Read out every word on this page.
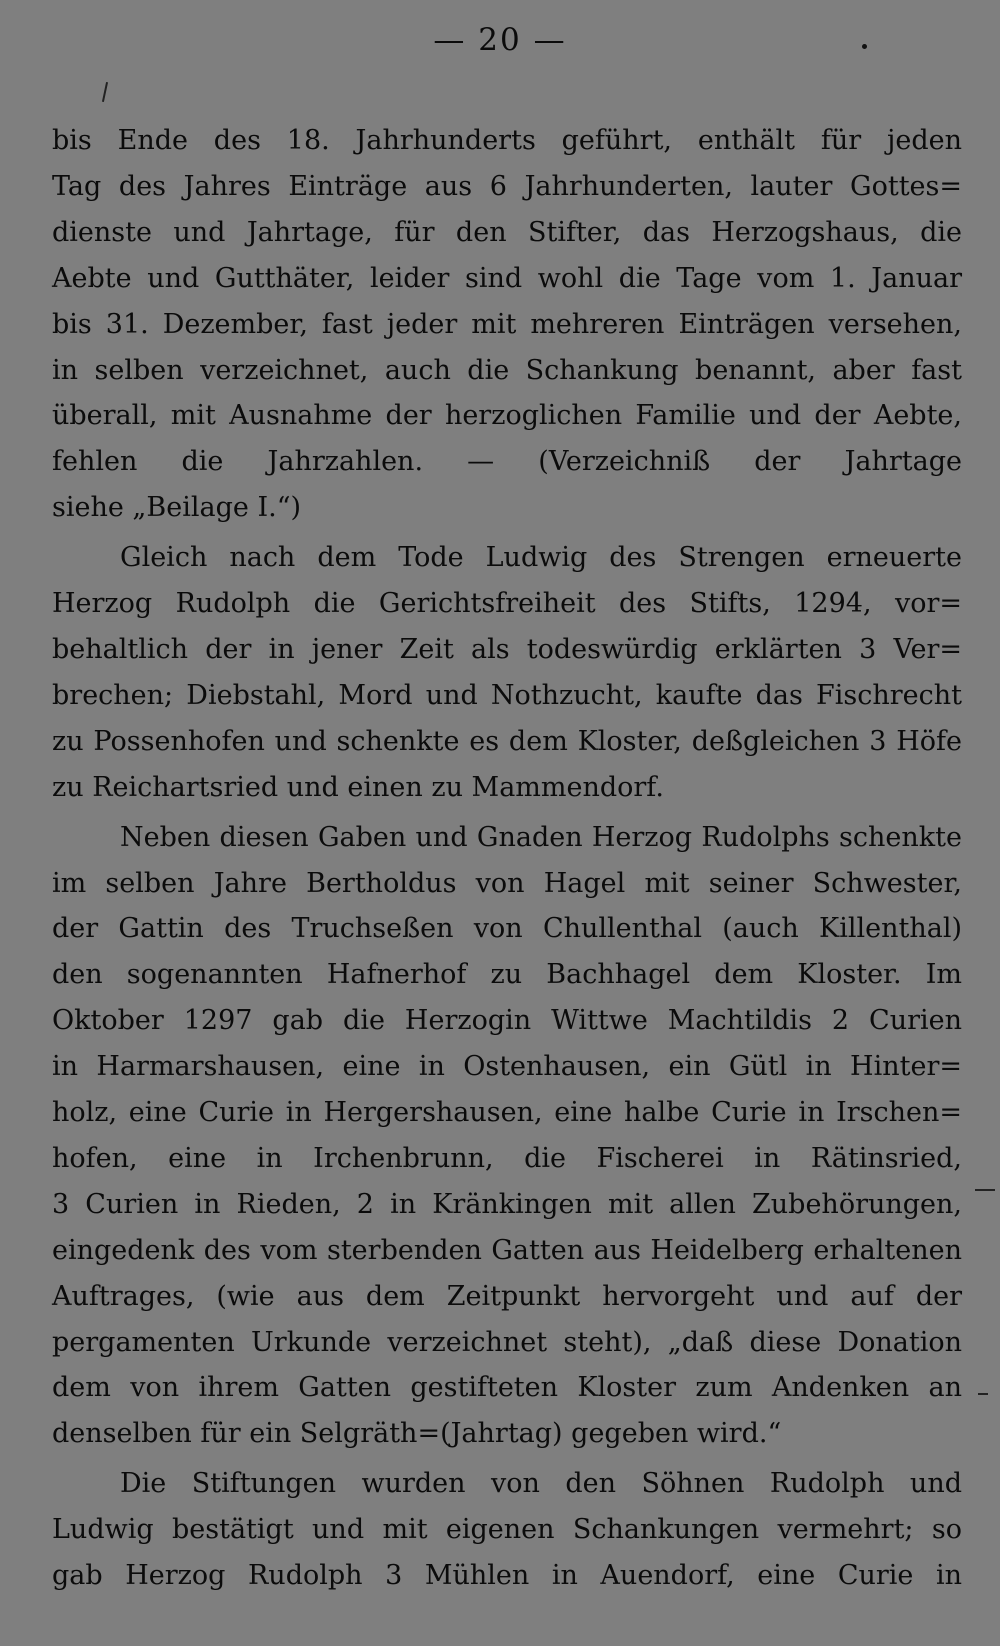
— 20 —

bis Ende des 18. Jahrhunderts geführt, enthält für jeden
Tag des Jahres Einträge aus 6 Jahrhunderten, lauter Gottes=
dienste und Jahrtage, für den Stifter, das Herzogshaus, die
Aebte und Gutthäter, leider sind wohl die Tage vom 1. Januar
bis 31. Dezember, fast jeder mit mehreren Einträgen versehen,
in selben verzeichnet, auch die Schankung benannt, aber fast
überall, mit Ausnahme der herzoglichen Familie und der Aebte,
fehlen die Jahrzahlen. — (Verzeichniß der Jahrtage
siehe „Beilage I.“)

Gleich nach dem Tode Ludwig des Strengen erneuerte
Herzog Rudolph die Gerichtsfreiheit des Stifts, 1294, vor=
behaltlich der in jener Zeit als todeswürdig erklärten 3 Ver=
brechen; Diebstahl, Mord und Nothzucht, kaufte das Fischrecht
zu Possenhofen und schenkte es dem Kloster, deßgleichen 3 Höfe
zu Reichartsried und einen zu Mammendorf.

Neben diesen Gaben und Gnaden Herzog Rudolphs schenkte
im selben Jahre Bertholdus von Hagel mit seiner Schwester,
der Gattin des Truchseßen von Chullenthal (auch Killenthal)
den sogenannten Hafnerhof zu Bachhagel dem Kloster. Im
Oktober 1297 gab die Herzogin Wittwe Machtildis 2 Curien
in Harmarshausen, eine in Ostenhausen, ein Gütl in Hinter=
holz, eine Curie in Hergershausen, eine halbe Curie in Irschen=
hofen, eine in Irchenbrunn, die Fischerei in Rätinsried,
3 Curien in Rieden, 2 in Kränkingen mit allen Zubehörungen,
eingedenk des vom sterbenden Gatten aus Heidelberg erhaltenen
Auftrages, (wie aus dem Zeitpunkt hervorgeht und auf der
pergamenten Urkunde verzeichnet steht), „daß diese Donation
dem von ihrem Gatten gestifteten Kloster zum Andenken an
denselben für ein Selgräth=(Jahrtag) gegeben wird.“

Die Stiftungen wurden von den Söhnen Rudolph und
Ludwig bestätigt und mit eigenen Schankungen vermehrt; so
gab Herzog Rudolph 3 Mühlen in Auendorf, eine Curie in
